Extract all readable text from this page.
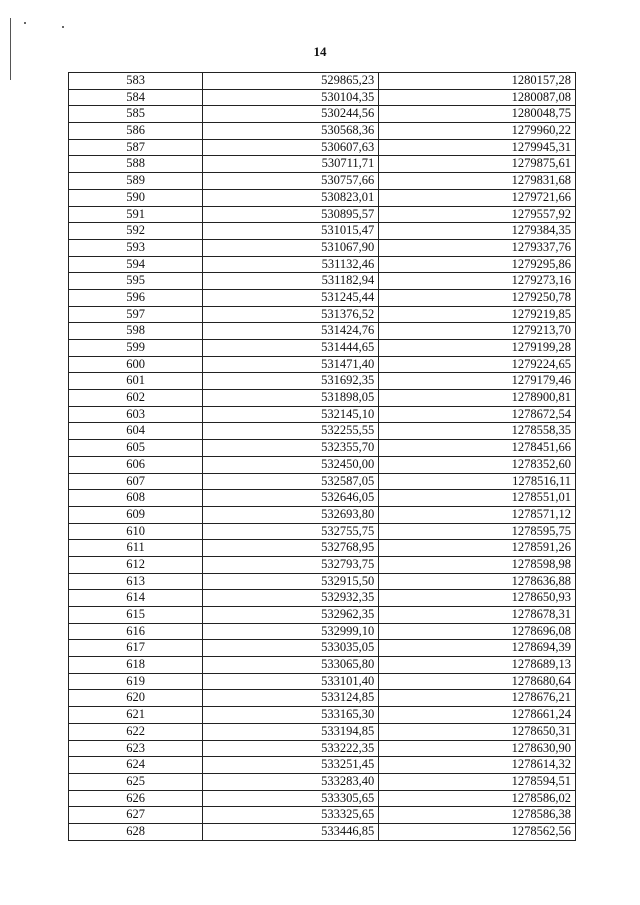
14
583	529865,23	1280157,28
584	530104,35	1280087,08
585	530244,56	1280048,75
586	530568,36	1279960,22
587	530607,63	1279945,31
588	530711,71	1279875,61
589	530757,66	1279831,68
590	530823,01	1279721,66
591	530895,57	1279557,92
592	531015,47	1279384,35
593	531067,90	1279337,76
594	531132,46	1279295,86
595	531182,94	1279273,16
596	531245,44	1279250,78
597	531376,52	1279219,85
598	531424,76	1279213,70
599	531444,65	1279199,28
600	531471,40	1279224,65
601	531692,35	1279179,46
602	531898,05	1278900,81
603	532145,10	1278672,54
604	532255,55	1278558,35
605	532355,70	1278451,66
606	532450,00	1278352,60
607	532587,05	1278516,11
608	532646,05	1278551,01
609	532693,80	1278571,12
610	532755,75	1278595,75
611	532768,95	1278591,26
612	532793,75	1278598,98
613	532915,50	1278636,88
614	532932,35	1278650,93
615	532962,35	1278678,31
616	532999,10	1278696,08
617	533035,05	1278694,39
618	533065,80	1278689,13
619	533101,40	1278680,64
620	533124,85	1278676,21
621	533165,30	1278661,24
622	533194,85	1278650,31
623	533222,35	1278630,90
624	533251,45	1278614,32
625	533283,40	1278594,51
626	533305,65	1278586,02
627	533325,65	1278586,38
628	533446,85	1278562,56
